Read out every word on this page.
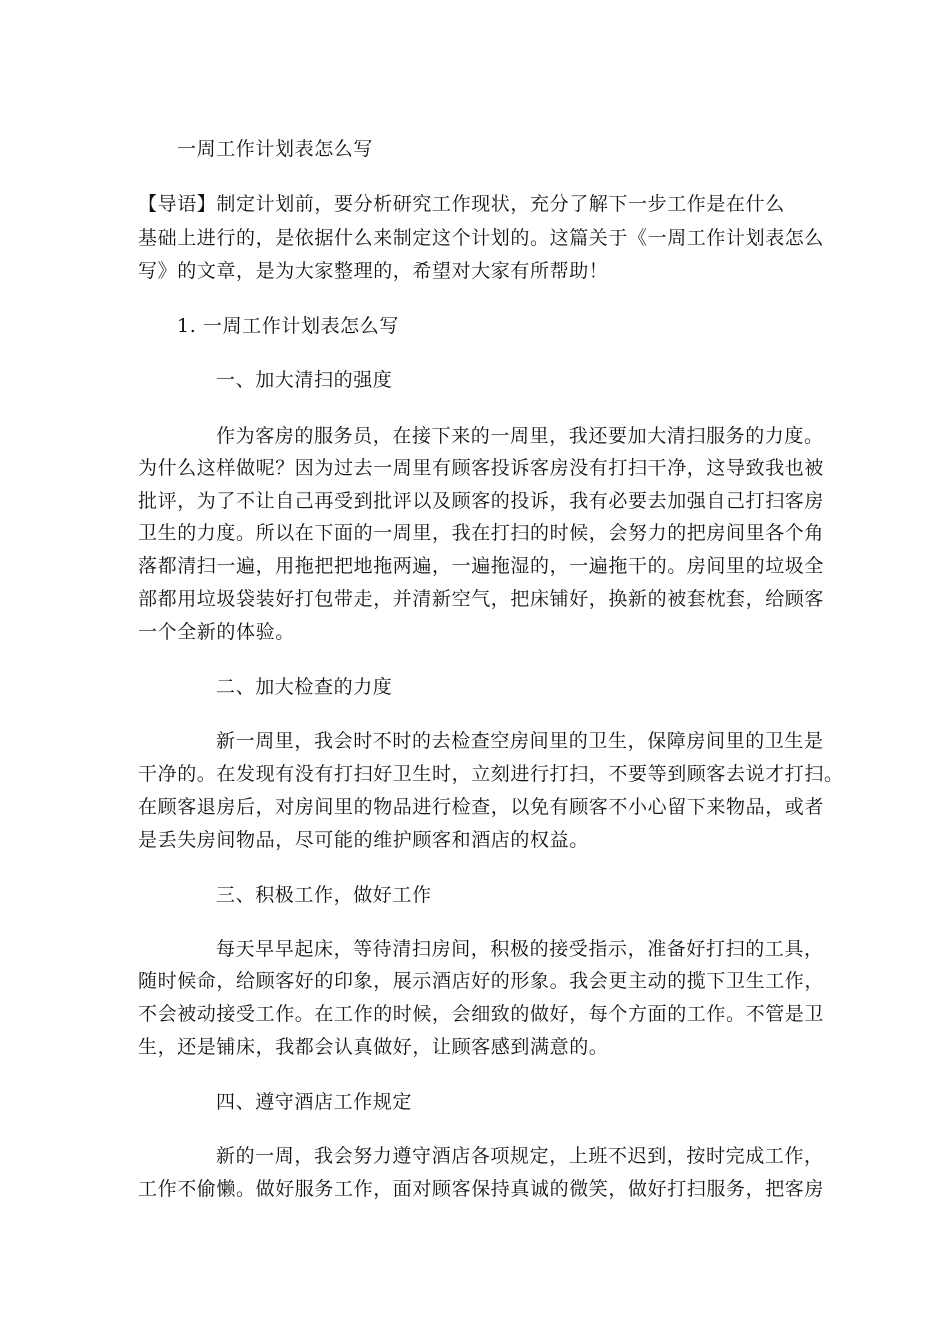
一周工作计划表怎么写
【导语】制定计划前，要分析研究工作现状，充分了解下一步工作是在什么
基础上进行的，是依据什么来制定这个计划的。这篇关于《一周工作计划表怎么
写》的文章，是为大家整理的，希望对大家有所帮助！
1. 一周工作计划表怎么写
一、加大清扫的强度
作为客房的服务员，在接下来的一周里，我还要加大清扫服务的力度。
为什么这样做呢？因为过去一周里有顾客投诉客房没有打扫干净，这导致我也被
批评，为了不让自己再受到批评以及顾客的投诉，我有必要去加强自己打扫客房
卫生的力度。所以在下面的一周里，我在打扫的时候，会努力的把房间里各个角
落都清扫一遍，用拖把把地拖两遍，一遍拖湿的，一遍拖干的。房间里的垃圾全
部都用垃圾袋装好打包带走，并清新空气，把床铺好，换新的被套枕套，给顾客
一个全新的体验。
二、加大检查的力度
新一周里，我会时不时的去检查空房间里的卫生，保障房间里的卫生是
干净的。在发现有没有打扫好卫生时，立刻进行打扫，不要等到顾客去说才打扫。
在顾客退房后，对房间里的物品进行检查，以免有顾客不小心留下来物品，或者
是丢失房间物品，尽可能的维护顾客和酒店的权益。
三、积极工作，做好工作
每天早早起床，等待清扫房间，积极的接受指示，准备好打扫的工具，
随时候命，给顾客好的印象，展示酒店好的形象。我会更主动的揽下卫生工作，
不会被动接受工作。在工作的时候，会细致的做好，每个方面的工作。不管是卫
生，还是铺床，我都会认真做好，让顾客感到满意的。
四、遵守酒店工作规定
新的一周，我会努力遵守酒店各项规定，上班不迟到，按时完成工作，
工作不偷懒。做好服务工作，面对顾客保持真诚的微笑，做好打扫服务，把客房
